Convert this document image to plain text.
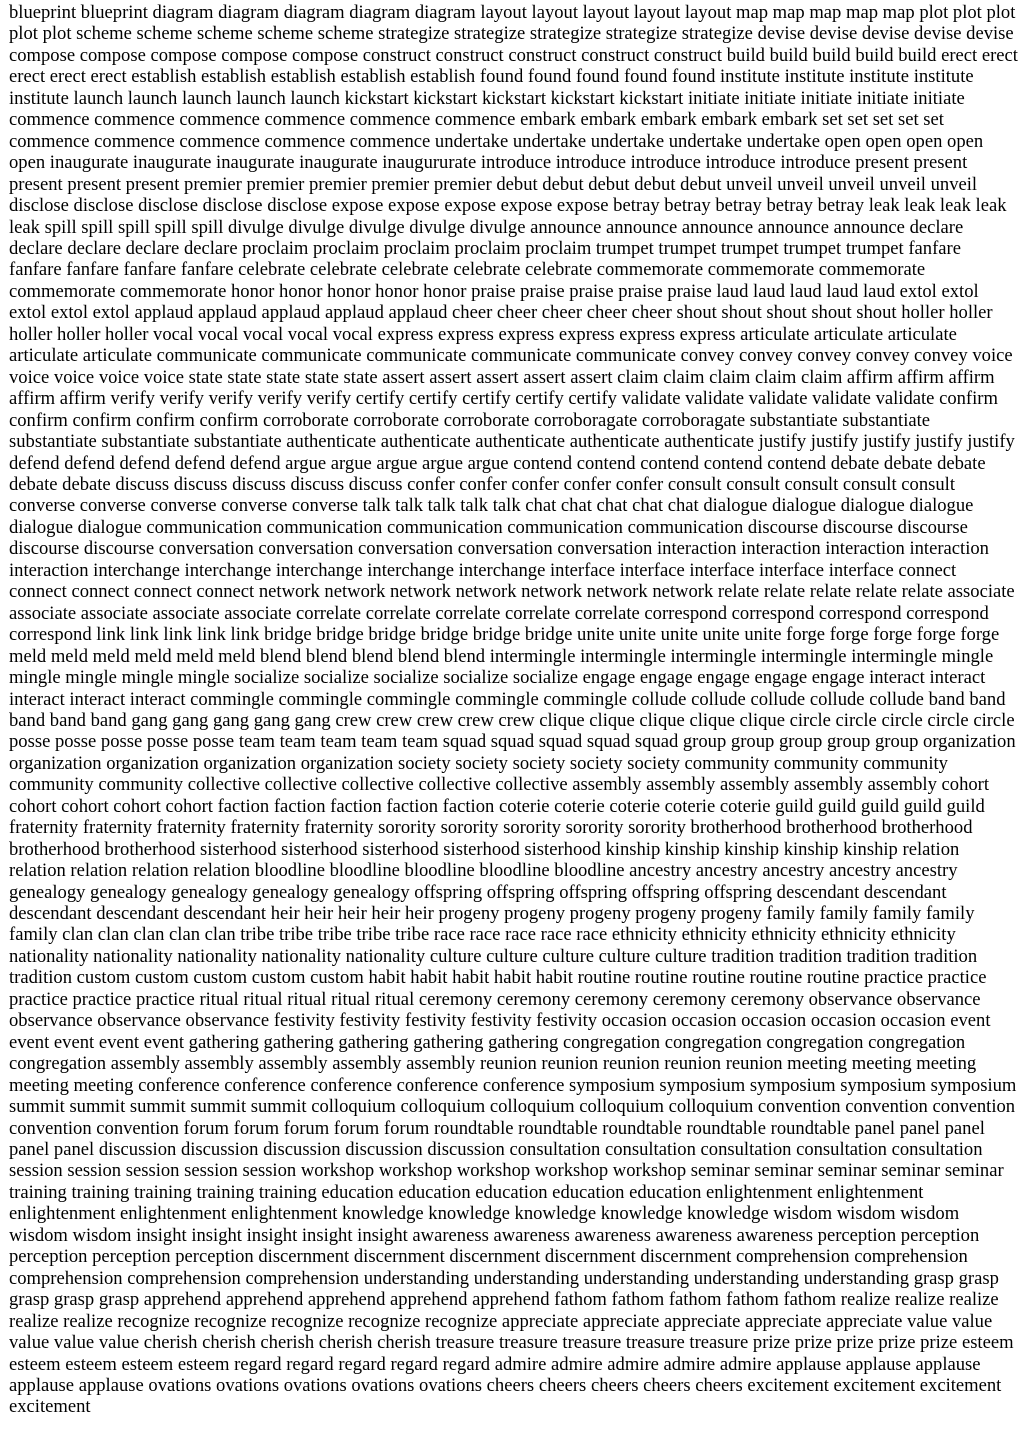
blueprint blueprint diagram diagram diagram diagram diagram layout layout layout layout layout map map map map map plot plot plot plot plot scheme scheme scheme scheme scheme strategize strategize strategize strategize strategize devise devise devise devise devise compose compose compose compose compose construct construct construct construct construct build build build build build erect erect erect erect erect establish establish establish establish establish found found found found found institute institute institute institute institute launch launch launch launch launch kickstart kickstart kickstart kickstart kickstart initiate initiate initiate initiate initiate commence commence commence commence commence commence embark embark embark embark embark set set set set set commence commence commence commence commence undertake undertake undertake undertake undertake open open open open open inaugurate inaugurate inaugurate inaugurate inaugururate introduce introduce introduce introduce introduce present present present present present premier premier premier premier premier debut debut debut debut debut unveil unveil unveil unveil unveil disclose disclose disclose disclose disclose expose expose expose expose expose betray betray betray betray betray leak leak leak leak leak spill spill spill spill spill divulge divulge divulge divulge divulge announce announce announce announce announce declare declare declare declare declare proclaim proclaim proclaim proclaim proclaim trumpet trumpet trumpet trumpet trumpet fanfare fanfare fanfare fanfare fanfare celebrate celebrate celebrate celebrate celebrate commemorate commemorate commemorate commemorate commemorate honor honor honor honor honor praise praise praise praise praise laud laud laud laud laud extol extol extol extol extol applaud applaud applaud applaud applaud cheer cheer cheer cheer cheer shout shout shout shout shout holler holler holler holler holler vocal vocal vocal vocal vocal express express express express express express articulate articulate articulate articulate articulate communicate communicate communicate communicate communicate convey convey convey convey convey voice voice voice voice voice state state state state state assert assert assert assert assert claim claim claim claim claim affirm affirm affirm affirm affirm verify verify verify verify verify certify certify certify certify certify validate validate validate validate validate confirm confirm confirm confirm confirm corroborate corroborate corroborate corroboragate corroboragate substantiate substantiate substantiate substantiate substantiate authenticate authenticate authenticate authenticate authenticate justify justify justify justify justify defend defend defend defend defend argue argue argue argue argue contend contend contend contend contend debate debate debate debate debate discuss discuss discuss discuss discuss confer confer confer confer confer consult consult consult consult consult converse converse converse converse converse talk talk talk talk talk chat chat chat chat chat dialogue dialogue dialogue dialogue dialogue dialogue communication communication communication communication communication discourse discourse discourse discourse discourse conversation conversation conversation conversation conversation interaction interaction interaction interaction interaction interchange interchange interchange interchange interchange interface interface interface interface interface connect connect connect connect connect network network network network network network network relate relate relate relate relate associate associate associate associate associate correlate correlate correlate correlate correlate correspond correspond correspond correspond correspond link link link link link bridge bridge bridge bridge bridge bridge unite unite unite unite unite forge forge forge forge forge meld meld meld meld meld meld blend blend blend blend blend intermingle intermingle intermingle intermingle intermingle mingle mingle mingle mingle mingle socialize socialize socialize socialize socialize engage engage engage engage engage interact interact interact interact interact commingle commingle commingle commingle commingle collude collude collude collude collude band band band band band gang gang gang gang gang crew crew crew crew crew clique clique clique clique clique circle circle circle circle circle posse posse posse posse posse team team team team team squad squad squad squad squad group group group group group organization organization organization organization organization society society society society society community community community community community collective collective collective collective collective assembly assembly assembly assembly assembly cohort cohort cohort cohort cohort faction faction faction faction faction coterie coterie coterie coterie coterie guild guild guild guild guild fraternity fraternity fraternity fraternity fraternity sorority sorority sorority sorority sorority brotherhood brotherhood brotherhood brotherhood brotherhood sisterhood sisterhood sisterhood sisterhood sisterhood kinship kinship kinship kinship kinship relation relation relation relation relation bloodline bloodline bloodline bloodline bloodline ancestry ancestry ancestry ancestry ancestry genealogy genealogy genealogy genealogy genealogy offspring offspring offspring offspring offspring descendant descendant descendant descendant descendant heir heir heir heir heir progeny progeny progeny progeny progeny family family family family family clan clan clan clan clan tribe tribe tribe tribe tribe race race race race race ethnicity ethnicity ethnicity ethnicity ethnicity nationality nationality nationality nationality nationality culture culture culture culture culture tradition tradition tradition tradition tradition custom custom custom custom custom habit habit habit habit habit routine routine routine routine routine practice practice practice practice practice ritual ritual ritual ritual ritual ceremony ceremony ceremony ceremony ceremony observance observance observance observance observance festivity festivity festivity festivity festivity occasion occasion occasion occasion occasion event event event event event gathering gathering gathering gathering gathering congregation congregation congregation congregation congregation assembly assembly assembly assembly assembly reunion reunion reunion reunion reunion meeting meeting meeting meeting meeting conference conference conference conference conference symposium symposium symposium symposium symposium summit summit summit summit summit colloquium colloquium colloquium colloquium colloquium convention convention convention convention convention forum forum forum forum forum roundtable roundtable roundtable roundtable roundtable panel panel panel panel panel discussion discussion discussion discussion discussion consultation consultation consultation consultation consultation session session session session session workshop workshop workshop workshop workshop seminar seminar seminar seminar seminar training training training training training education education education education education enlightenment enlightenment enlightenment enlightenment enlightenment knowledge knowledge knowledge knowledge knowledge wisdom wisdom wisdom wisdom wisdom insight insight insight insight insight awareness awareness awareness awareness awareness perception perception perception perception perception discernment discernment discernment discernment discernment comprehension comprehension comprehension comprehension comprehension understanding understanding understanding understanding understanding grasp grasp grasp grasp grasp apprehend apprehend apprehend apprehend apprehend fathom fathom fathom fathom fathom realize realize realize realize realize recognize recognize recognize recognize recognize appreciate appreciate appreciate appreciate appreciate value value value value value cherish cherish cherish cherish cherish treasure treasure treasure treasure treasure prize prize prize prize prize esteem esteem esteem esteem esteem regard regard regard regard regard admire admire admire admire admire applause applause applause applause applause ovations ovations ovations ovations ovations cheers cheers cheers cheers cheers excitement excitement excitement excitement
